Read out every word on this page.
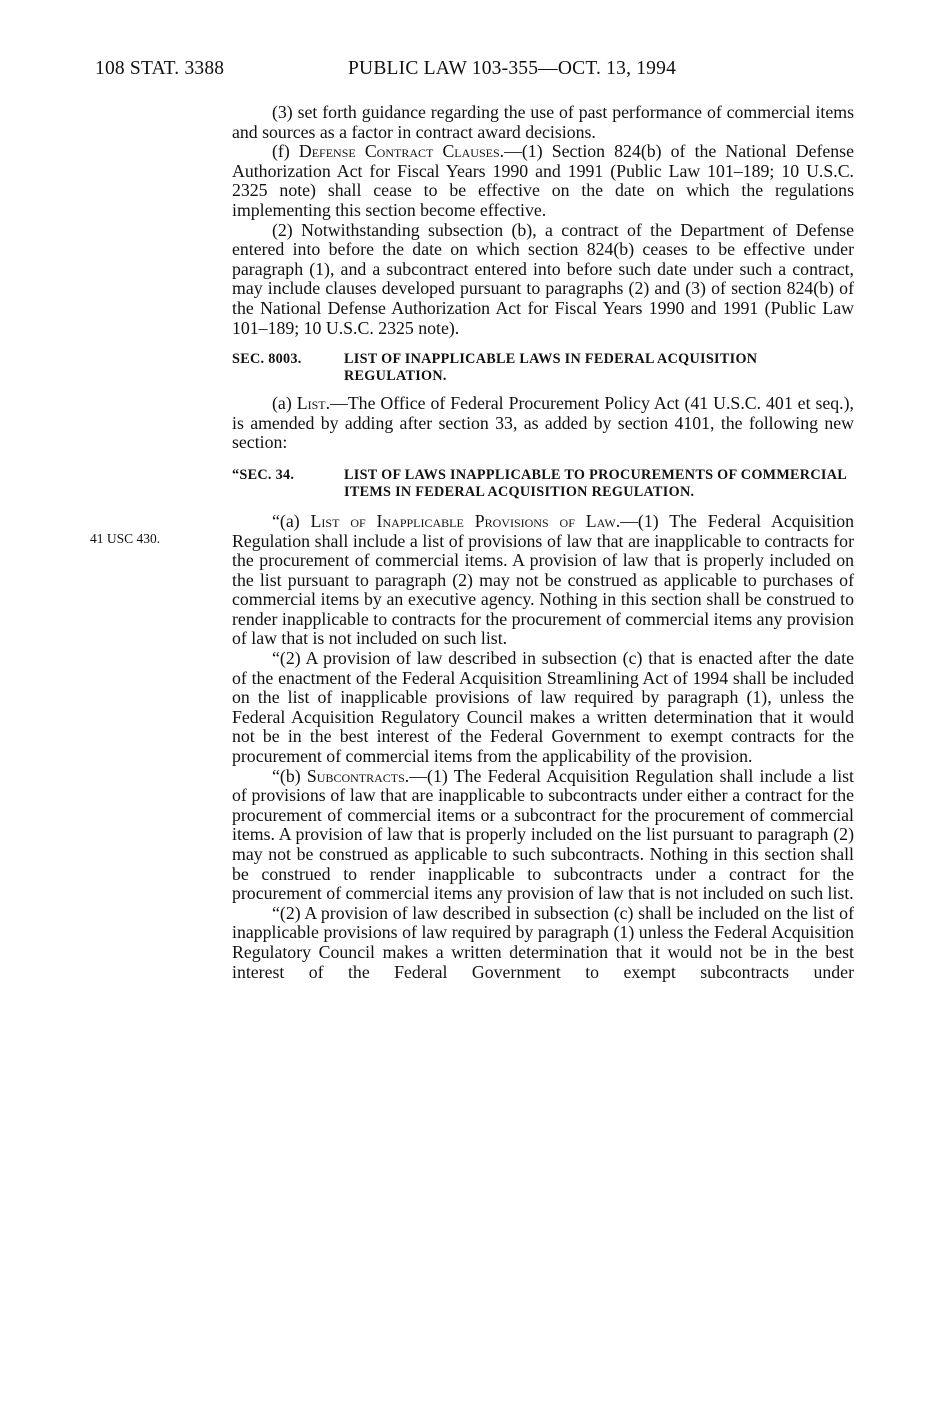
108 STAT. 3388	PUBLIC LAW 103-355—OCT. 13, 1994
41 USC 430.

(3) set forth guidance regarding the use of past performance of commercial items and sources as a factor in contract award decisions.

(f) Defense Contract Clauses.—(1) Section 824(b) of the National Defense Authorization Act for Fiscal Years 1990 and 1991 (Public Law 101–189; 10 U.S.C. 2325 note) shall cease to be effective on the date on which the regulations implementing this section become effective.

(2) Notwithstanding subsection (b), a contract of the Department of Defense entered into before the date on which section 824(b) ceases to be effective under paragraph (1), and a subcontract entered into before such date under such a contract, may include clauses developed pursuant to paragraphs (2) and (3) of section 824(b) of the National Defense Authorization Act for Fiscal Years 1990 and 1991 (Public Law 101–189; 10 U.S.C. 2325 note).

SEC. 8003.	LIST OF INAPPLICABLE LAWS IN FEDERAL ACQUISITION REGULATION.

(a) List.—The Office of Federal Procurement Policy Act (41 U.S.C. 401 et seq.), is amended by adding after section 33, as added by section 4101, the following new section:

“SEC. 34.	LIST OF LAWS INAPPLICABLE TO PROCUREMENTS OF COMMERCIAL ITEMS IN FEDERAL ACQUISITION REGULATION.

“(a) List of Inapplicable Provisions of Law.—(1) The Federal Acquisition Regulation shall include a list of provisions of law that are inapplicable to contracts for the procurement of commercial items. A provision of law that is properly included on the list pursuant to paragraph (2) may not be construed as applicable to purchases of commercial items by an executive agency. Nothing in this section shall be construed to render inapplicable to contracts for the procurement of commercial items any provision of law that is not included on such list.

“(2) A provision of law described in subsection (c) that is enacted after the date of the enactment of the Federal Acquisition Streamlining Act of 1994 shall be included on the list of inapplicable provisions of law required by paragraph (1), unless the Federal Acquisition Regulatory Council makes a written determination that it would not be in the best interest of the Federal Government to exempt contracts for the procurement of commercial items from the applicability of the provision.

“(b) Subcontracts.—(1) The Federal Acquisition Regulation shall include a list of provisions of law that are inapplicable to subcontracts under either a contract for the procurement of commercial items or a subcontract for the procurement of commercial items. A provision of law that is properly included on the list pursuant to paragraph (2) may not be construed as applicable to such subcontracts. Nothing in this section shall be construed to render inapplicable to subcontracts under a contract for the procurement of commercial items any provision of law that is not included on such list.

“(2) A provision of law described in subsection (c) shall be included on the list of inapplicable provisions of law required by paragraph (1) unless the Federal Acquisition Regulatory Council makes a written determination that it would not be in the best interest of the Federal Government to exempt subcontracts under
